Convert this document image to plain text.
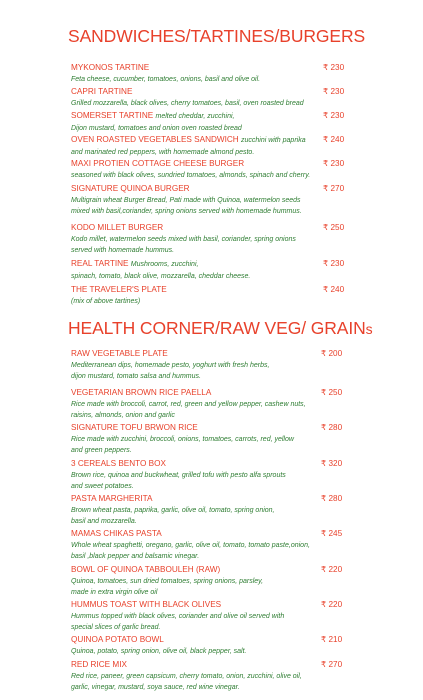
SANDWICHES/TARTINES/BURGERS
MYKONOS TARTINE	₹ 230
Feta cheese, cucumber, tomatoes, onions, basil and olive oil.
CAPRI TARTINE	₹ 230
Grilled mozzarella, black olives, cherry tomatoes, basil, oven roasted bread
SOMERSET TARTINE melted cheddar, zucchini,	₹ 230
Dijon mustard, tomatoes and onion oven roasted bread
OVEN ROASTED VEGETABLES SANDWICH zucchini with paprika	₹ 240
and marinated red peppers, with homemade almond pesto.
MAXI PROTIEN COTTAGE CHEESE BURGER	₹ 230
seasoned with black olives, sundried tomatoes, almonds, spinach and cherry.
SIGNATURE QUINOA BURGER	₹ 270
Multigrain wheat Burger Bread, Pati made with Quinoa, watermelon seeds
mixed with basil,coriander, spring onions served with homemade hummus.
KODO MILLET BURGER	₹ 250
Kodo millet, watermelon seeds mixed with basil, coriander, spring onions
served with homemade hummus.
REAL TARTINE Mushrooms, zucchini,	₹ 230
spinach, tomato, black olive, mozzarella, cheddar cheese.
THE TRAVELER'S PLATE	₹ 240
(mix of above tartines)
HEALTH CORNER/RAW VEG/ GRAINs
RAW VEGETABLE PLATE	₹ 200
Mediterranean dips, homemade pesto, yoghurt with fresh herbs,
dijon mustard, tomato salsa and hummus.
VEGETARIAN BROWN RICE PAELLA	₹ 250
Rice made with broccoli, carrot, red, green and yellow pepper, cashew nuts,
raisins, almonds, onion and garlic
SIGNATURE TOFU BRWON RICE	₹ 280
Rice made with zucchini, broccoli, onions, tomatoes, carrots, red, yellow
and green peppers.
3 CEREALS BENTO BOX	₹ 320
Brown rice, quinoa and buckwheat, grilled tofu with pesto alfa sprouts
and sweet potatoes.
PASTA MARGHERITA	₹ 280
Brown wheat pasta, paprika, garlic, olive oil, tomato, spring onion,
basil and mozzarella.
MAMAS CHIKAS PASTA	₹ 245
Whole wheat spaghetti, oregano, garlic, olive oil, tomato, tomato paste,onion,
basil ,black pepper and balsamic vinegar.
BOWL OF QUINOA TABBOULEH (RAW)	₹ 220
Quinoa, tomatoes, sun dried tomatoes, spring onions, parsley,
made in extra virgin olive oil
HUMMUS TOAST WITH BLACK OLIVES	₹ 220
Hummus topped with black olives, coriander and olive oil served with
special slices of garlic bread.
QUINOA POTATO BOWL	₹ 210
Quinoa, potato, spring onion, olive oil, black pepper, salt.
RED RICE MIX	₹ 270
Red rice, paneer, green capsicum, cherry tomato, onion, zucchini, olive oil,
garlic, vinegar, mustard, soya sauce, red wine vinegar.
